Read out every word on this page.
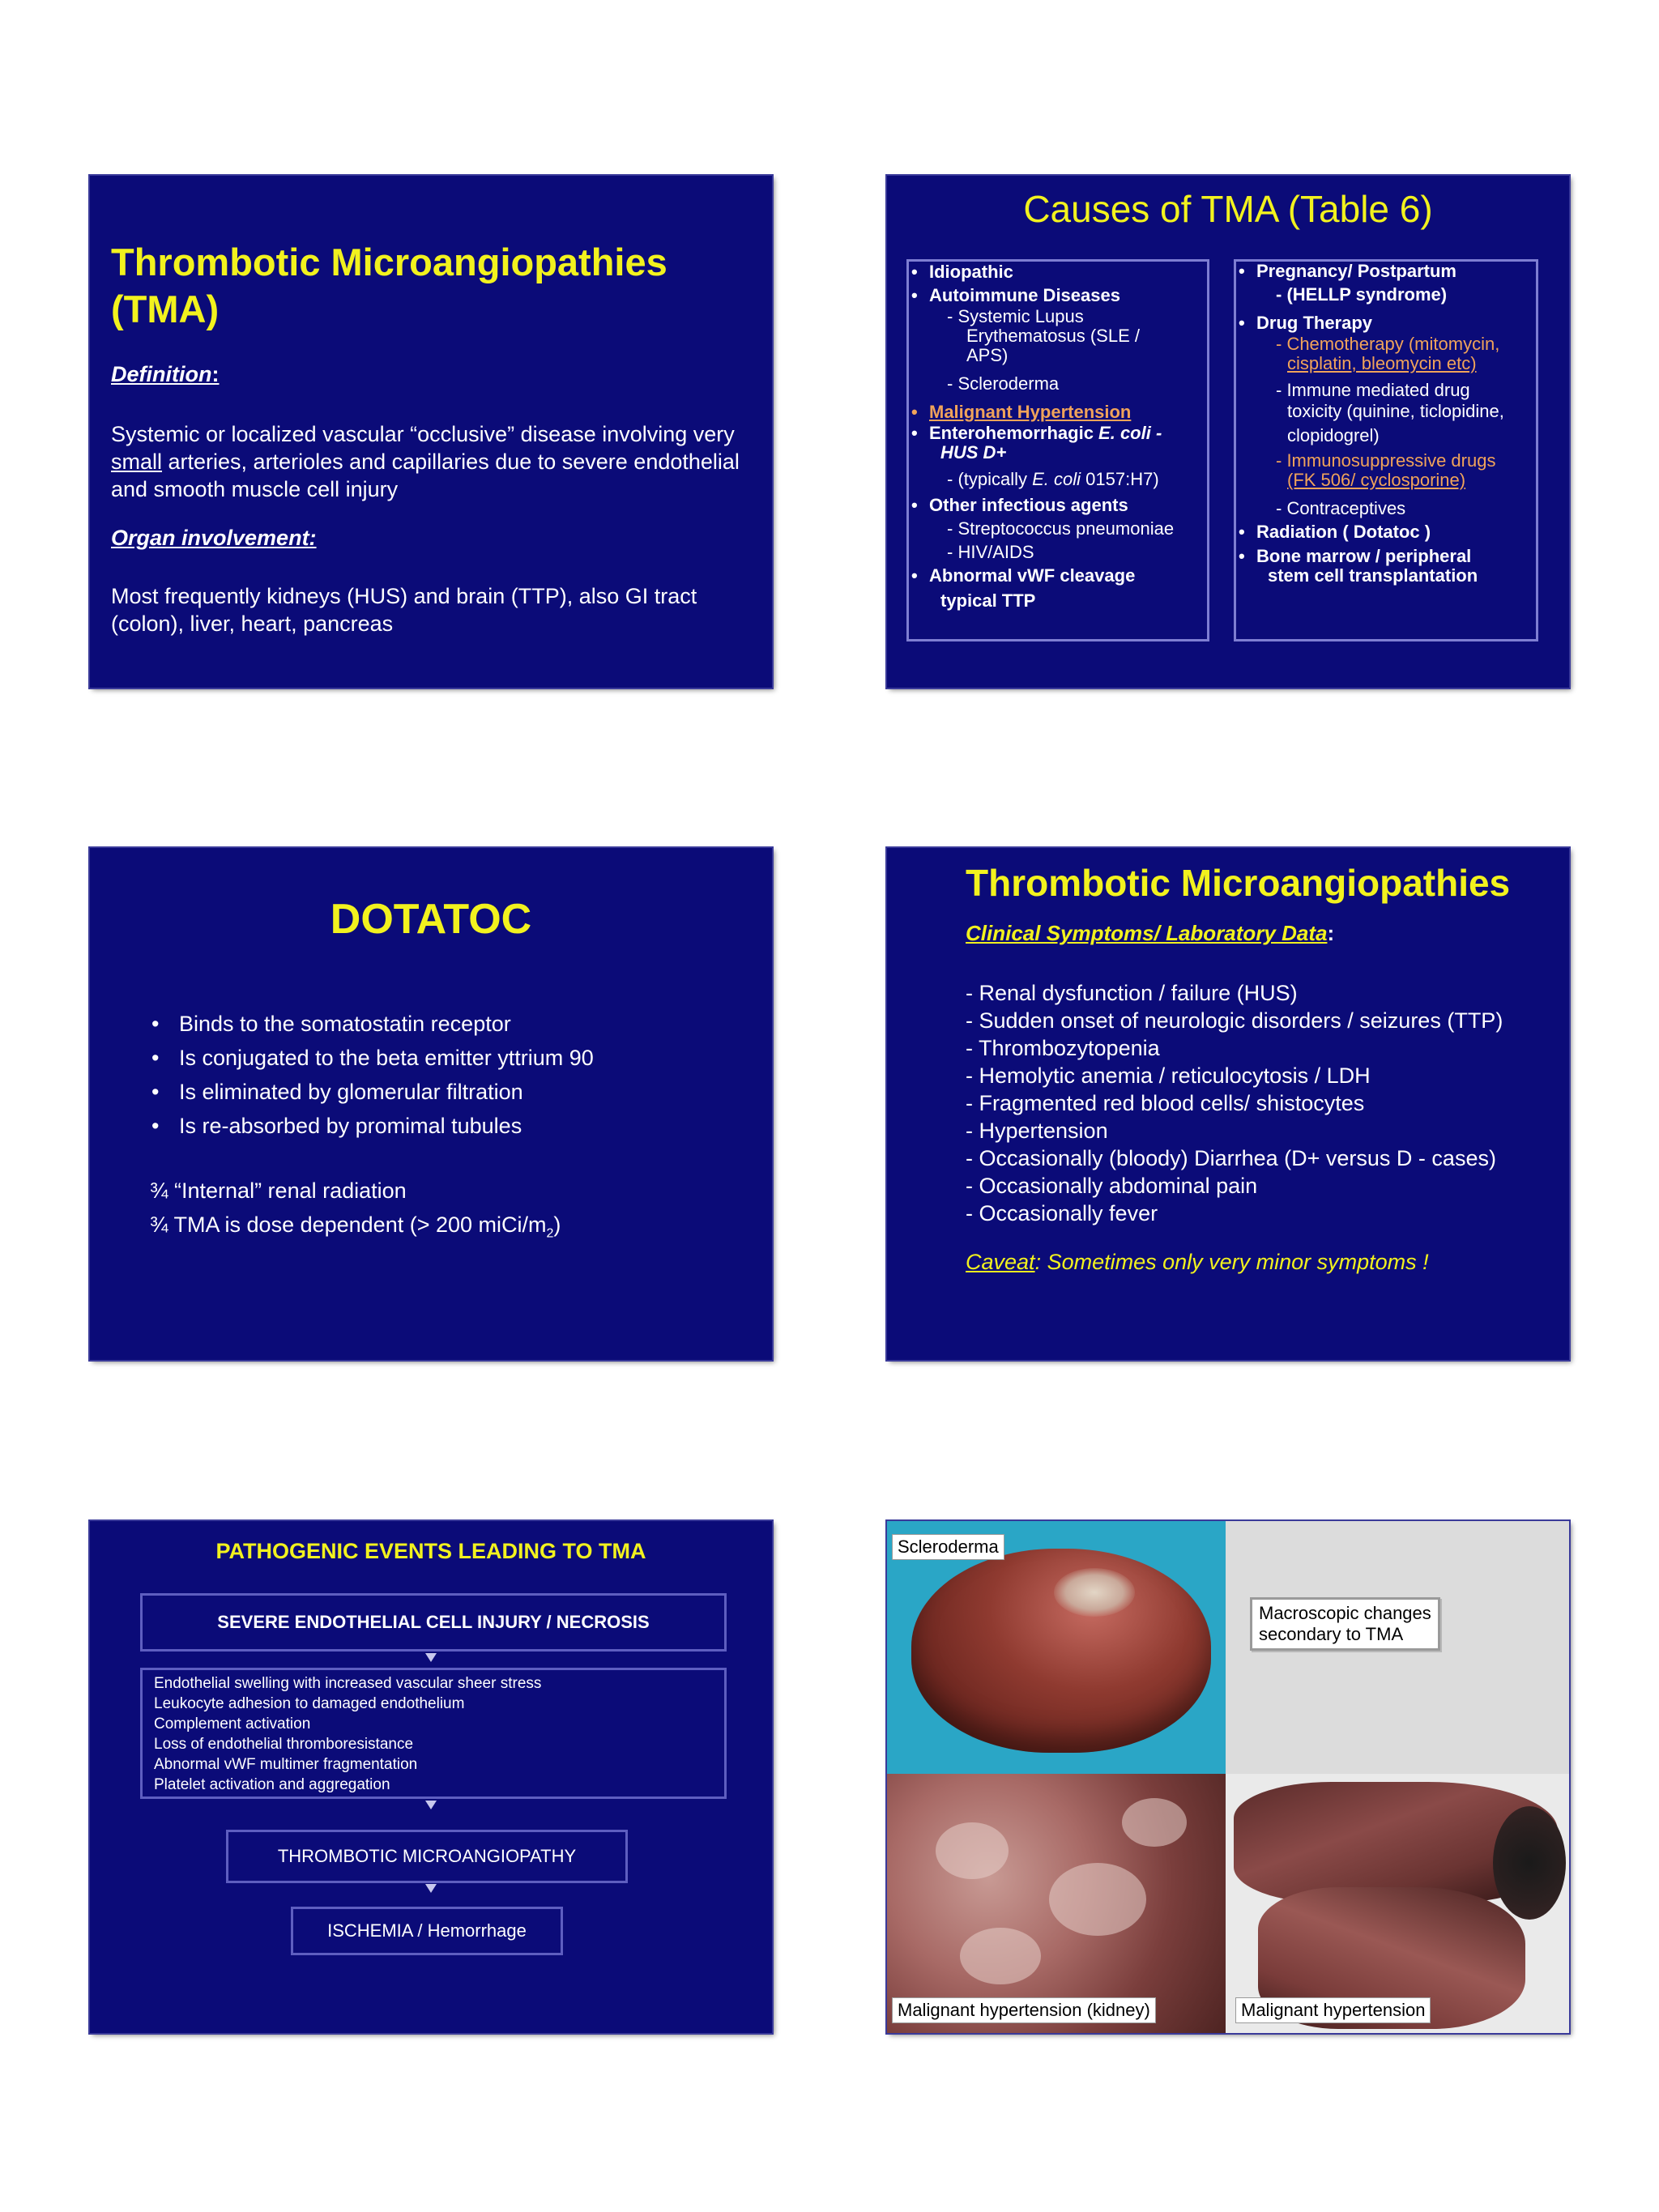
Thrombotic Microangiopathies (TMA)
Definition:
Systemic or localized vascular “occlusive” disease involving very small arteries, arterioles and capillaries due to severe endothelial and smooth muscle cell injury
Organ involvement:
Most frequently kidneys (HUS) and brain (TTP), also GI tract (colon), liver, heart, pancreas
Causes of TMA (Table 6)
• Idiopathic
• Autoimmune Diseases
- Systemic Lupus
Erythematosus (SLE /
APS)
- Scleroderma
• Malignant Hypertension
• Enterohemorrhagic E. coli -
HUS D+
- (typically E. coli 0157:H7)
• Other infectious agents
- Streptococcus pneumoniae
- HIV/AIDS
• Abnormal vWF cleavage
typical TTP
• Pregnancy/ Postpartum
- (HELLP syndrome)
• Drug Therapy
- Chemotherapy (mitomycin,
cisplatin, bleomycin etc)
- Immune mediated drug
toxicity (quinine, ticlopidine,
clopidogrel)
- Immunosuppressive drugs
(FK 506/ cyclosporine)
- Contraceptives
• Radiation ( Dotatoc )
• Bone marrow / peripheral
stem cell transplantation
DOTATOC
• Binds to the somatostatin receptor
• Is conjugated to the beta emitter yttrium 90
• Is eliminated by glomerular filtration
• Is re-absorbed by promimal tubules
¾ “Internal” renal radiation
¾ TMA is dose dependent (> 200 miCi/$m_2$)
Thrombotic Microangiopathies
Clinical Symptoms/ Laboratory Data:
- Renal dysfunction / failure (HUS)
- Sudden onset of neurologic disorders / seizures (TTP)
- Thrombozytopenia
- Hemolytic anemia / reticulocytosis / LDH
- Fragmented red blood cells/ shistocytes
- Hypertension
- Occasionally (bloody) Diarrhea (D+ versus D - cases)
- Occasionally abdominal pain
- Occasionally fever
Caveat: Sometimes only very minor symptoms !
PATHOGENIC EVENTS LEADING TO TMA
SEVERE ENDOTHELIAL CELL INJURY / NECROSIS
Endothelial swelling with increased vascular sheer stress
Leukocyte adhesion to damaged endothelium
Complement activation
Loss of endothelial thromboresistance
Abnormal vWF multimer fragmentation
Platelet activation and aggregation
THROMBOTIC MICROANGIOPATHY
ISCHEMIA / Hemorrhage
Scleroderma
Macroscopic changes
secondary to TMA
Malignant hypertension (kidney)	Malignant hypertension
